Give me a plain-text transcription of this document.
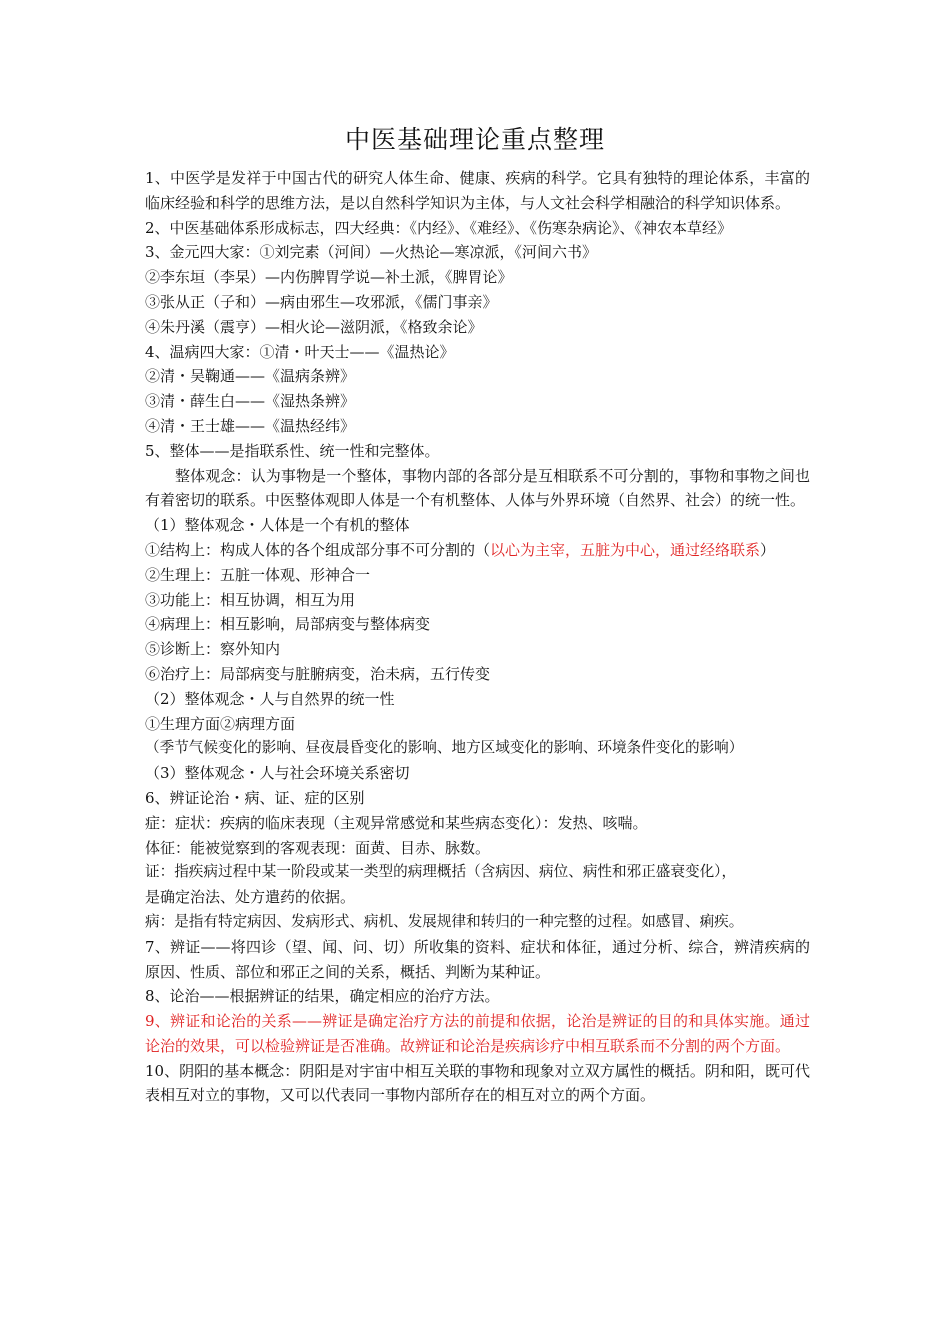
中医基础理论重点整理

1、中医学是发祥于中国古代的研究人体生命、健康、疾病的科学。它具有独特的理论体系，丰富的临床经验和科学的思维方法，是以自然科学知识为主体，与人文社会科学相融洽的科学知识体系。

2、中医基础体系形成标志，四大经典：《内经》、《难经》、《伤寒杂病论》、《神农本草经》

3、金元四大家：①刘完素（河间）—火热论—寒凉派，《河间六书》

②李东垣（李杲）—内伤脾胃学说—补土派，《脾胃论》

③张从正（子和）—病由邪生—攻邪派，《儒门事亲》

④朱丹溪（震亨）—相火论—滋阴派，《格致余论》

4、温病四大家：①清・叶天士——《温热论》

②清・吴鞠通——《温病条辨》

③清・薛生白——《湿热条辨》

④清・王士雄——《温热经纬》

5、整体——是指联系性、统一性和完整体。

整体观念：认为事物是一个整体，事物内部的各部分是互相联系不可分割的，事物和事物之间也有着密切的联系。中医整体观即人体是一个有机整体、人体与外界环境（自然界、社会）的统一性。

（1）整体观念・人体是一个有机的整体

①结构上：构成人体的各个组成部分事不可分割的（以心为主宰，五脏为中心，通过经络联系）

②生理上：五脏一体观、形神合一

③功能上：相互协调，相互为用

④病理上：相互影响，局部病变与整体病变

⑤诊断上：察外知内

⑥治疗上：局部病变与脏腑病变，治未病，五行传变

（2）整体观念・人与自然界的统一性

①生理方面②病理方面

（季节气候变化的影响、昼夜晨昏变化的影响、地方区域变化的影响、环境条件变化的影响）

（3）整体观念・人与社会环境关系密切

6、辨证论治・病、证、症的区别

症：症状：疾病的临床表现（主观异常感觉和某些病态变化）：发热、咳喘。

体征：能被觉察到的客观表现：面黄、目赤、脉数。

证：指疾病过程中某一阶段或某一类型的病理概括（含病因、病位、病性和邪正盛衰变化），

是确定治法、处方遣药的依据。

病：是指有特定病因、发病形式、病机、发展规律和转归的一种完整的过程。如感冒、痢疾。

7、辨证——将四诊（望、闻、问、切）所收集的资料、症状和体征，通过分析、综合，辨清疾病的原因、性质、部位和邪正之间的关系，概括、判断为某种证。

8、论治——根据辨证的结果，确定相应的治疗方法。

9、辨证和论治的关系——辨证是确定治疗方法的前提和依据，论治是辨证的目的和具体实施。通过论治的效果，可以检验辨证是否准确。故辨证和论治是疾病诊疗中相互联系而不分割的两个方面。

10、阴阳的基本概念：阴阳是对宇宙中相互关联的事物和现象对立双方属性的概括。阴和阳，既可代表相互对立的事物，又可以代表同一事物内部所存在的相互对立的两个方面。
